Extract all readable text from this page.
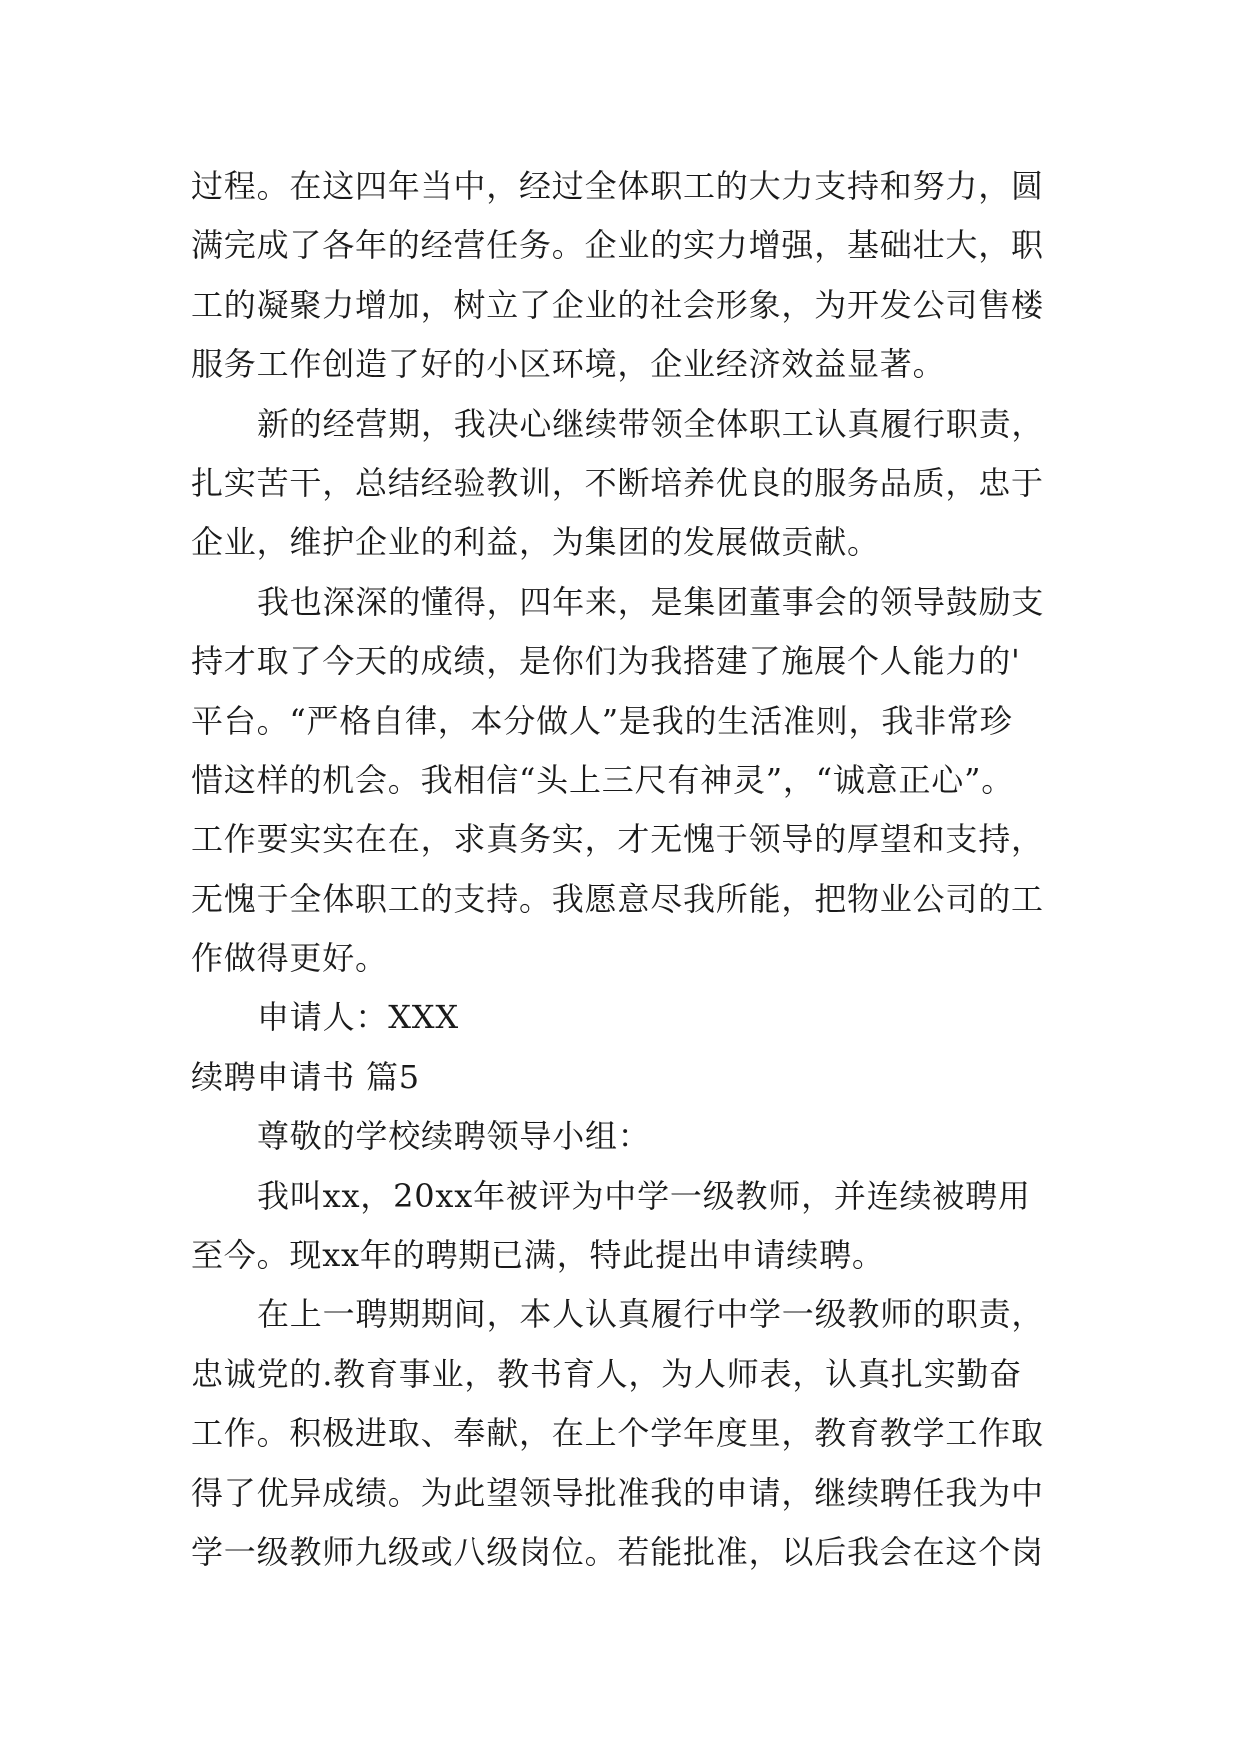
过程。在这四年当中，经过全体职工的大力支持和努力，圆
满完成了各年的经营任务。企业的实力增强，基础壮大，职
工的凝聚力增加，树立了企业的社会形象，为开发公司售楼
服务工作创造了好的小区环境，企业经济效益显著。
新的经营期，我决心继续带领全体职工认真履行职责，
扎实苦干，总结经验教训，不断培养优良的服务品质，忠于
企业，维护企业的利益，为集团的发展做贡献。
我也深深的懂得，四年来，是集团董事会的领导鼓励支
持才取了今天的成绩，是你们为我搭建了施展个人能力的'
平台。“严格自律，本分做人”是我的生活准则，我非常珍
惜这样的机会。我相信“头上三尺有神灵”，“诚意正心”。
工作要实实在在，求真务实，才无愧于领导的厚望和支持，
无愧于全体职工的支持。我愿意尽我所能，把物业公司的工
作做得更好。
申请人：XXX
续聘申请书 篇5
尊敬的学校续聘领导小组：
我叫xx，20xx年被评为中学一级教师，并连续被聘用
至今。现xx年的聘期已满，特此提出申请续聘。
在上一聘期期间，本人认真履行中学一级教师的职责，
忠诚党的.教育事业，教书育人，为人师表，认真扎实勤奋
工作。积极进取、奉献，在上个学年度里，教育教学工作取
得了优异成绩。为此望领导批准我的申请，继续聘任我为中
学一级教师九级或八级岗位。若能批准，以后我会在这个岗
